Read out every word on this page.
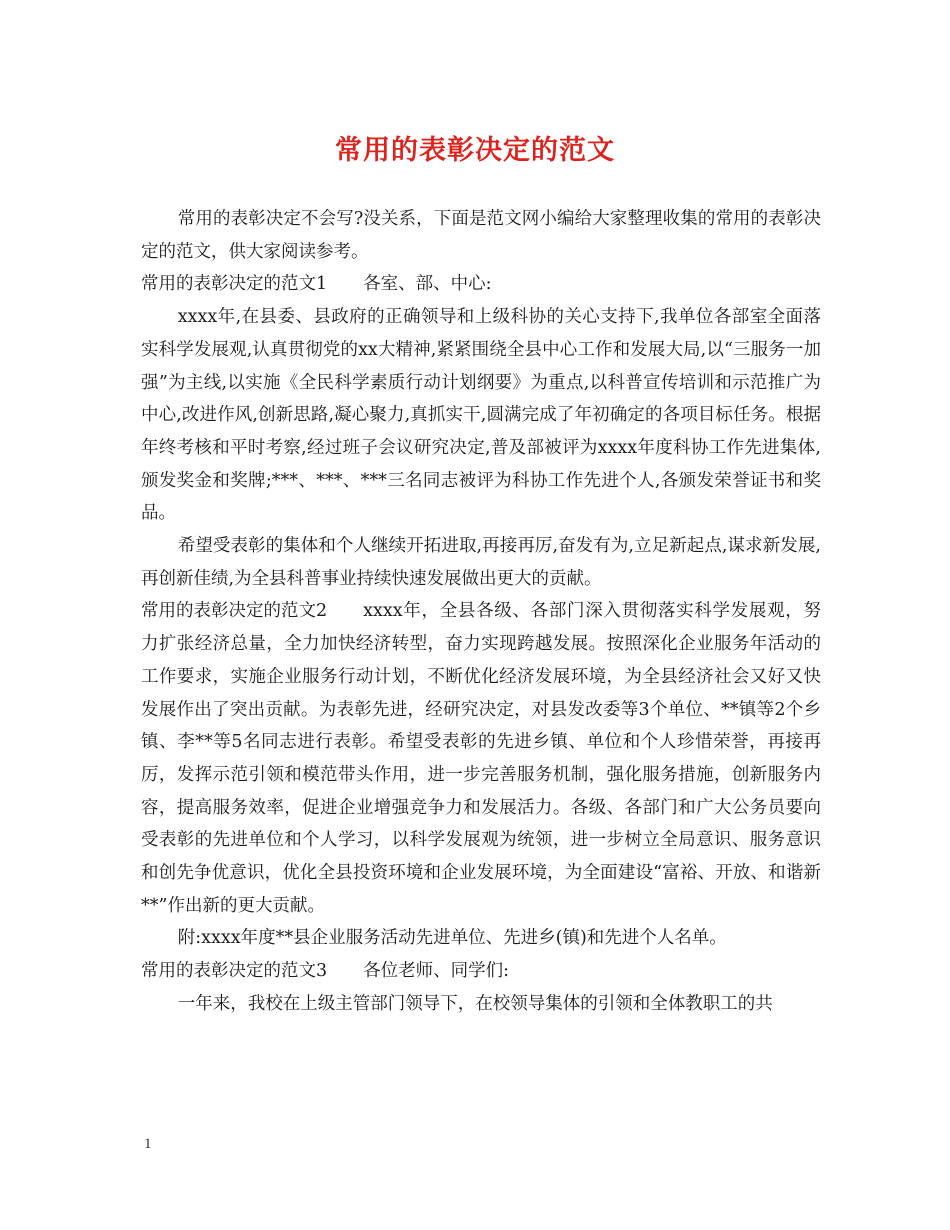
常用的表彰决定的范文

常用的表彰决定不会写?没关系，下面是范文网小编给大家整理收集的常用的表彰决定的范文，供大家阅读参考。

常用的表彰决定的范文1 各室、部、中心:

xxxx年,在县委、县政府的正确领导和上级科协的关心支持下,我单位各部室全面落实科学发展观,认真贯彻党的xx大精神,紧紧围绕全县中心工作和发展大局,以“三服务一加强”为主线,以实施《全民科学素质行动计划纲要》为重点,以科普宣传培训和示范推广为中心,改进作风,创新思路,凝心聚力,真抓实干,圆满完成了年初确定的各项目标任务。根据年终考核和平时考察,经过班子会议研究决定,普及部被评为xxxx年度科协工作先进集体,颁发奖金和奖牌;***、***、***三名同志被评为科协工作先进个人,各颁发荣誉证书和奖品。

希望受表彰的集体和个人继续开拓进取,再接再厉,奋发有为,立足新起点,谋求新发展,再创新佳绩,为全县科普事业持续快速发展做出更大的贡献。

常用的表彰决定的范文2 xxxx年，全县各级、各部门深入贯彻落实科学发展观，努力扩张经济总量，全力加快经济转型，奋力实现跨越发展。按照深化企业服务年活动的工作要求，实施企业服务行动计划，不断优化经济发展环境，为全县经济社会又好又快发展作出了突出贡献。为表彰先进，经研究决定，对县发改委等3个单位、**镇等2个乡镇、李**等5名同志进行表彰。希望受表彰的先进乡镇、单位和个人珍惜荣誉，再接再厉，发挥示范引领和模范带头作用，进一步完善服务机制，强化服务措施，创新服务内容，提高服务效率，促进企业增强竞争力和发展活力。各级、各部门和广大公务员要向受表彰的先进单位和个人学习，以科学发展观为统领，进一步树立全局意识、服务意识和创先争优意识，优化全县投资环境和企业发展环境，为全面建设“富裕、开放、和谐新**”作出新的更大贡献。

附:xxxx年度**县企业服务活动先进单位、先进乡(镇)和先进个人名单。

常用的表彰决定的范文3 各位老师、同学们:

一年来，我校在上级主管部门领导下，在校领导集体的引领和全体教职工的共

1
